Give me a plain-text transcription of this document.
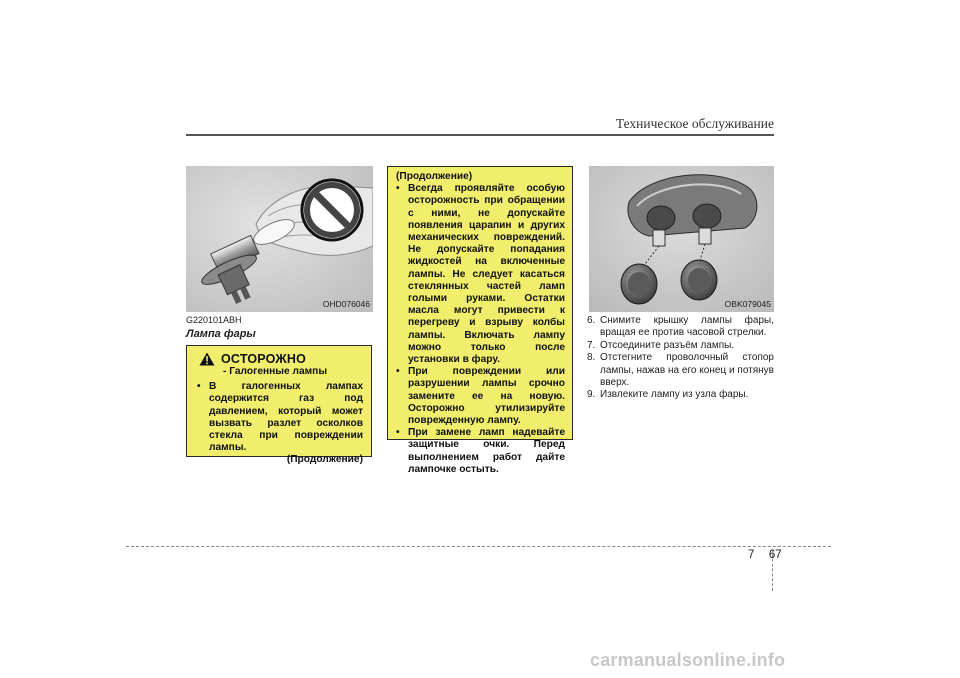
Техническое обслуживание
OHD076046
G220101ABH
Лампа фары
ОСТОРОЖНО
- Галогенные лампы
• В галогенных лампах содержится газ под давлением, который может вызвать разлет осколков стекла при повреждении лампы.
(Продолжение)
(Продолжение)
• Всегда проявляйте особую осторожность при обращении с ними, не допускайте появления царапин и других механических повреждений. Не допускайте попадания жидкостей на включенные лампы. Не следует касаться стеклянных частей ламп голыми руками. Остатки масла могут привести к перегреву и взрыву колбы лампы. Включать лампу можно только после установки в фару.
• При повреждении или разрушении лампы срочно замените ее на новую. Осторожно утилизируйте поврежденную лампу.
• При замене ламп надевайте защитные очки. Перед выполнением работ дайте лампочке остыть.
OBK079045
6. Снимите крышку лампы фары, вращая ее против часовой стрелки.
7. Отсоедините разъём лампы.
8. Отстегните проволочный стопор лампы, нажав на его конец и потянув вверх.
9. Извлеките лампу из узла фары.
7 67
carmanualsonline.info
